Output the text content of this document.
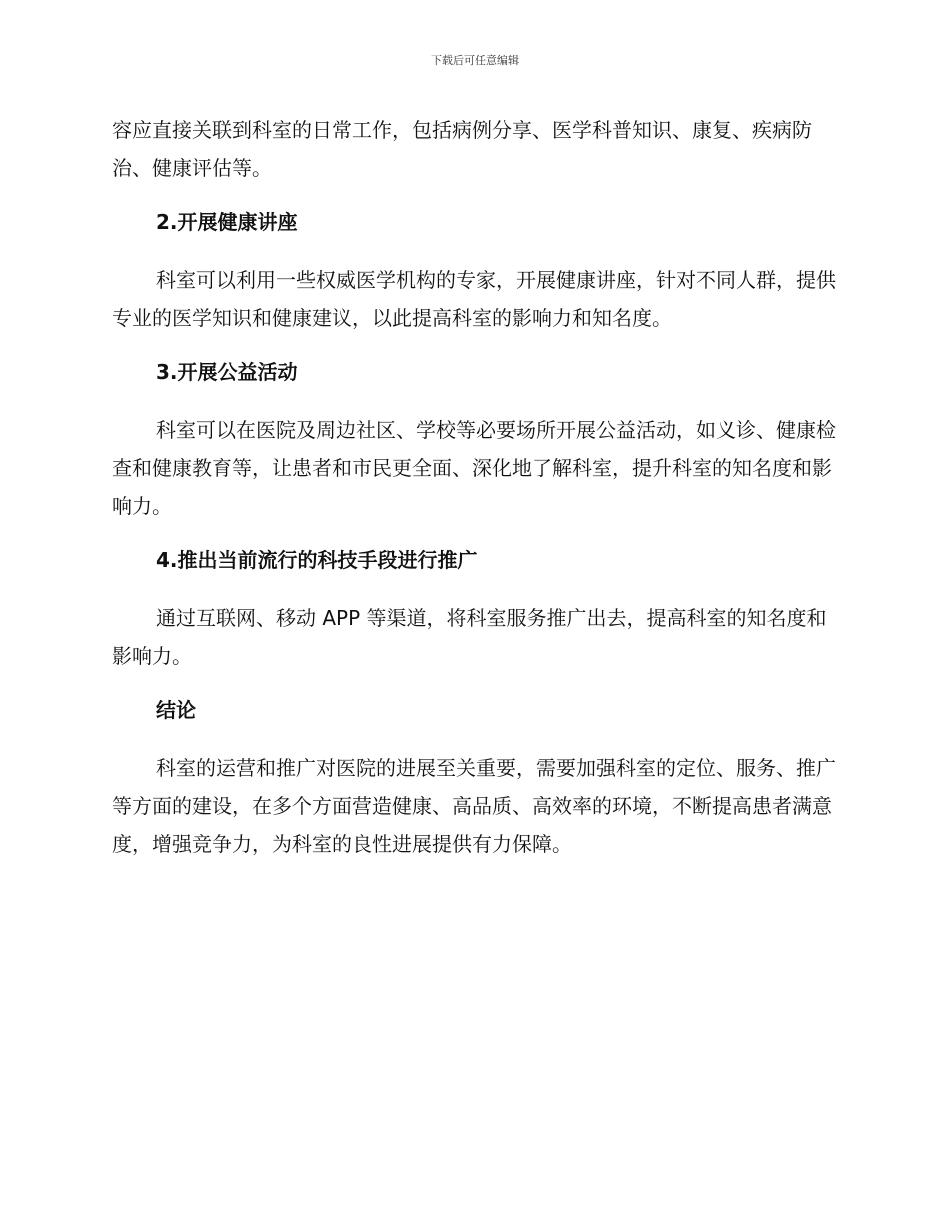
下载后可任意编辑

容应直接关联到科室的日常工作，包括病例分享、医学科普知识、康复、疾病防治、健康评估等。

2.开展健康讲座

科室可以利用一些权威医学机构的专家，开展健康讲座，针对不同人群，提供专业的医学知识和健康建议，以此提高科室的影响力和知名度。

3.开展公益活动

科室可以在医院及周边社区、学校等必要场所开展公益活动，如义诊、健康检查和健康教育等，让患者和市民更全面、深化地了解科室，提升科室的知名度和影响力。

4.推出当前流行的科技手段进行推广

通过互联网、移动 APP 等渠道，将科室服务推广出去，提高科室的知名度和影响力。

结论

科室的运营和推广对医院的进展至关重要，需要加强科室的定位、服务、推广等方面的建设，在多个方面营造健康、高品质、高效率的环境，不断提高患者满意度，增强竞争力，为科室的良性进展提供有力保障。
